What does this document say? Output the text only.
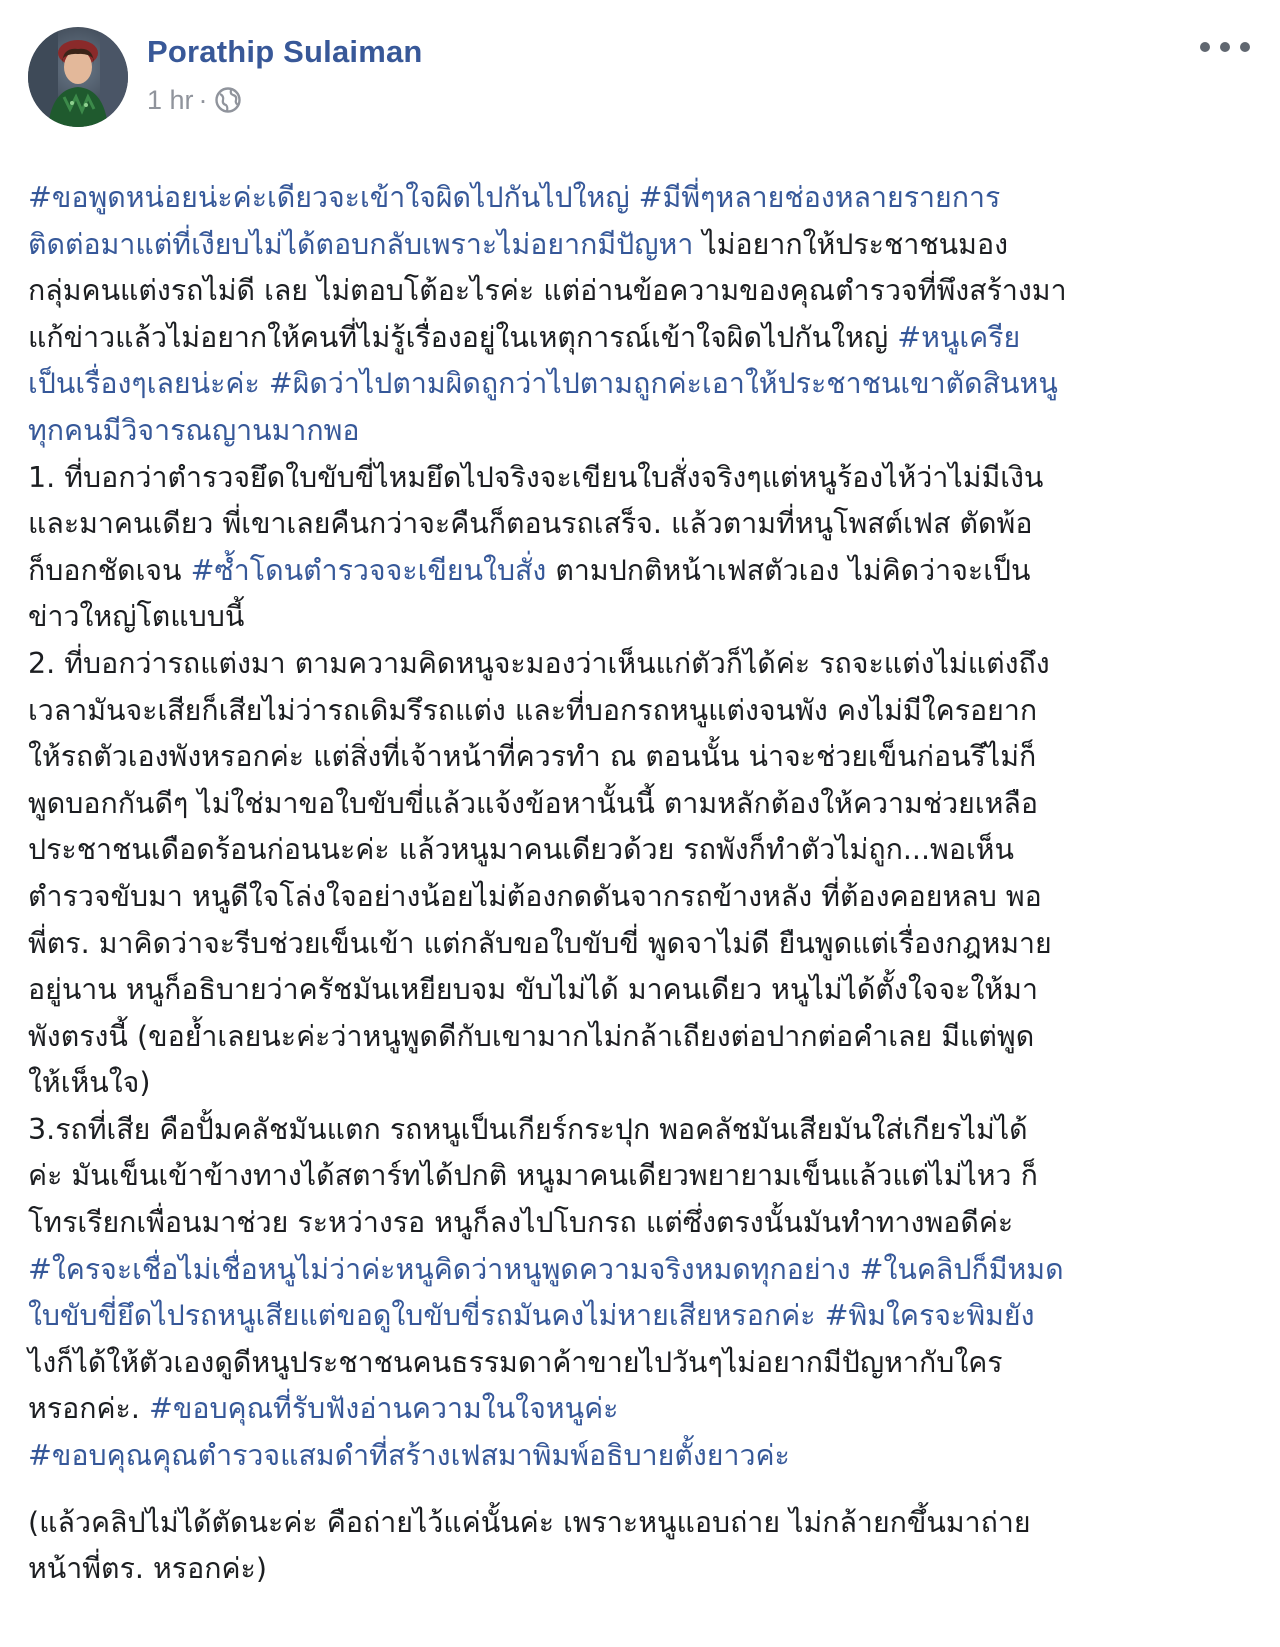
Porathip Sulaiman
1 hr ·
#ขอพูดหน่อยน่ะค่ะเดียวจะเข้าใจผิดไปกันไปใหญ่ #มีพี่ๆหลายช่องหลายรายการ
ติดต่อมาแต่ที่เงียบไม่ได้ตอบกลับเพราะไม่อยากมีปัญหา ไม่อยากให้ประชาชนมอง
กลุ่มคนแต่งรถไม่ดี เลย ไม่ตอบโต้อะไรค่ะ แต่อ่านข้อความของคุณตำรวจที่พึงสร้างมา
แก้ข่าวแล้วไม่อยากให้คนที่ไม่รู้เรื่องอยู่ในเหตุการณ์เข้าใจผิดไปกันใหญ่ #หนูเครีย
เป็นเรื่องๆเลยน่ะค่ะ #ผิดว่าไปตามผิดถูกว่าไปตามถูกค่ะเอาให้ประชาชนเขาตัดสินหนู
ทุกคนมีวิจารณญานมากพอ
1. ที่บอกว่าตำรวจยึดใบขับขี่ไหมยึดไปจริงจะเขียนใบสั่งจริงๆแต่หนูร้องไห้ว่าไม่มีเงิน
และมาคนเดียว พี่เขาเลยคืนกว่าจะคืนก็ตอนรถเสร็จ. แล้วตามที่หนูโพสต์เฟส ตัดพ้อ
ก็บอกชัดเจน #ซ้ำโดนตำรวจจะเขียนใบสั่ง ตามปกติหน้าเฟสตัวเอง ไม่คิดว่าจะเป็น
ข่าวใหญ่โตแบบนี้
2. ที่บอกว่ารถแต่งมา ตามความคิดหนูจะมองว่าเห็นแก่ตัวก็ได้ค่ะ รถจะแต่งไม่แต่งถึง
เวลามันจะเสียก็เสียไม่ว่ารถเดิมรึรถแต่ง และที่บอกรถหนูแต่งจนพัง คงไม่มีใครอยาก
ให้รถตัวเองพังหรอกค่ะ แต่สิ่งที่เจ้าหน้าที่ควรทำ ณ ตอนนั้น น่าจะช่วยเข็นก่อนรึไม่ก็
พูดบอกกันดีๆ ไม่ใช่มาขอใบขับขี่แล้วแจ้งข้อหานั้นนี้ ตามหลักต้องให้ความช่วยเหลือ
ประชาชนเดือดร้อนก่อนนะค่ะ แล้วหนูมาคนเดียวด้วย รถพังก็ทำตัวไม่ถูก...พอเห็น
ตำรวจขับมา หนูดีใจโล่งใจอย่างน้อยไม่ต้องกดดันจากรถข้างหลัง ที่ต้องคอยหลบ พอ
พี่ตร. มาคิดว่าจะรีบช่วยเข็นเข้า แต่กลับขอใบขับขี่ พูดจาไม่ดี ยืนพูดแต่เรื่องกฎหมาย
อยู่นาน หนูก็อธิบายว่าครัชมันเหยียบจม ขับไม่ได้ มาคนเดียว หนูไม่ได้ตั้งใจจะให้มา
พังตรงนี้ (ขอย้ำเลยนะค่ะว่าหนูพูดดีกับเขามากไม่กล้าเถียงต่อปากต่อคำเลย มีแต่พูด
ให้เห็นใจ)
3.รถที่เสีย คือปั้มคลัชมันแตก รถหนูเป็นเกียร์กระปุก พอคลัชมันเสียมันใส่เกียรไม่ได้
ค่ะ มันเข็นเข้าข้างทางได้สตาร์ทได้ปกติ หนูมาคนเดียวพยายามเข็นแล้วแต่ไม่ไหว ก็
โทรเรียกเพื่อนมาช่วย ระหว่างรอ หนูก็ลงไปโบกรถ แต่ซึ่งตรงนั้นมันทำทางพอดีค่ะ
#ใครจะเชื่อไม่เชื่อหนูไม่ว่าค่ะหนูคิดว่าหนูพูดความจริงหมดทุกอย่าง #ในคลิปก็มีหมด
ใบขับขี่ยึดไปรถหนูเสียแต่ขอดูใบขับขี่รถมันคงไม่หายเสียหรอกค่ะ #พิมใครจะพิมยัง
ไงก็ได้ให้ตัวเองดูดีหนูประชาชนคนธรรมดาค้าขายไปวันๆไม่อยากมีปัญหากับใคร
หรอกค่ะ. #ขอบคุณที่รับฟังอ่านความในใจหนูค่ะ
#ขอบคุณคุณตำรวจแสมดำที่สร้างเฟสมาพิมพ์อธิบายตั้งยาวค่ะ
(แล้วคลิปไม่ได้ตัดนะค่ะ คือถ่ายไว้แค่นั้นค่ะ เพราะหนูแอบถ่าย ไม่กล้ายกขึ้นมาถ่าย
หน้าพี่ตร. หรอกค่ะ)
